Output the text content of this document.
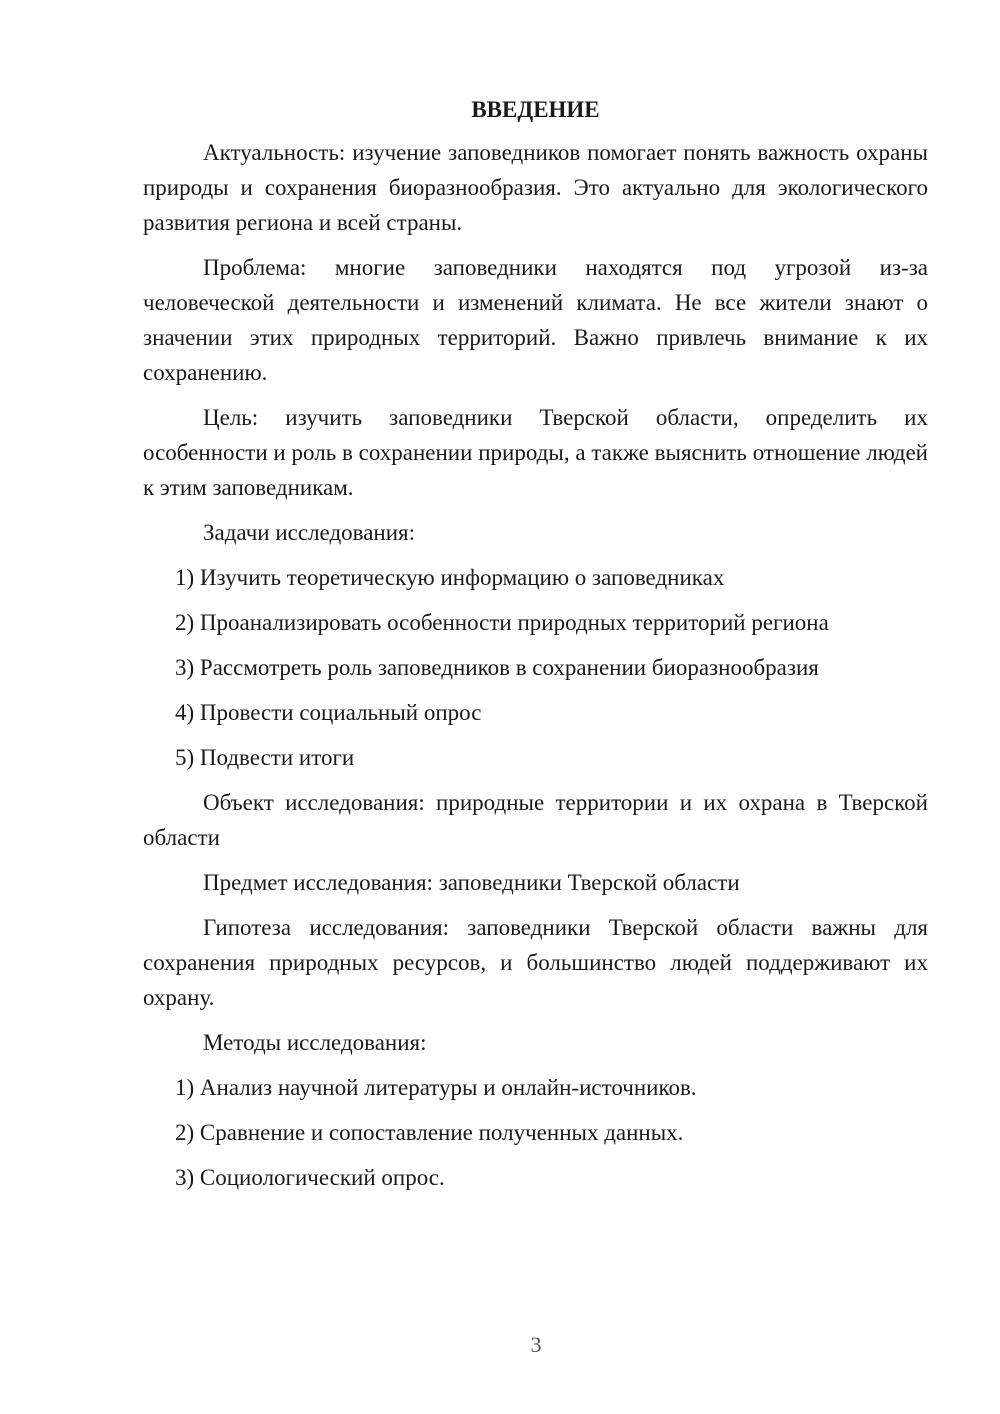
ВВЕДЕНИЕ

Актуальность: изучение заповедников помогает понять важность охраны природы и сохранения биоразнообразия. Это актуально для экологического развития региона и всей страны.

Проблема: многие заповедники находятся под угрозой из-за человеческой деятельности и изменений климата. Не все жители знают о значении этих природных территорий. Важно привлечь внимание к их сохранению.

Цель: изучить заповедники Тверской области, определить их особенности и роль в сохранении природы, а также выяснить отношение людей к этим заповедникам.

Задачи исследования:

1) Изучить теоретическую информацию о заповедниках
2) Проанализировать особенности природных территорий региона
3) Рассмотреть роль заповедников в сохранении биоразнообразия
4) Провести социальный опрос
5) Подвести итоги

Объект исследования: природные территории и их охрана в Тверской области

Предмет исследования: заповедники Тверской области

Гипотеза исследования: заповедники Тверской области важны для сохранения природных ресурсов, и большинство людей поддерживают их охрану.

Методы исследования:

1) Анализ научной литературы и онлайн-источников.
2) Сравнение и сопоставление полученных данных.
3) Социологический опрос.
3
